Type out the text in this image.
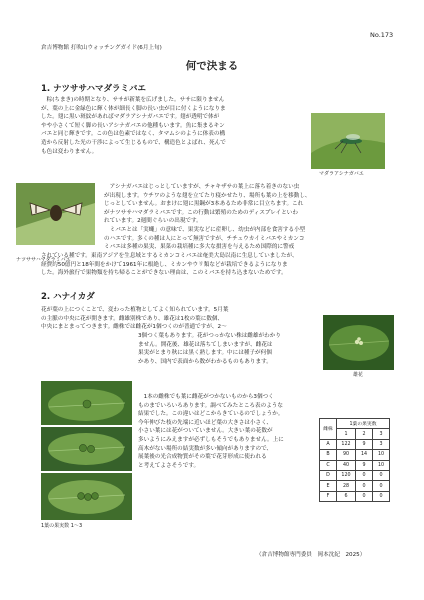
No.173
倉吉博物館 打吹山ウォッチングガイド(6月上旬)
何で決まる
1. ナツササハマダラミバエ
　粽(ちまき)の時期となり、ササが新葉を広げました。ササに限りません
が、葉の上に金緑色に輝く体が細長く脚の長い虫が目に付くようになりま
した。翅に黒い斑紋があればマダラアシナガバエです。翅が透明で体が
やや小さくて短く脚の長いアシナガバエの他種もいます。魚に集まるキン
バエと同じ輝きです。この色は色素ではなく、タマムシのように体表の構
造から反射した光の干渉によって生じるもので、構造色とよばれ、死んで
も色は変わりません。
マダラアシナガバエ
ナツササハマダラミバエ
　アシナガバエはじっとしていますが、チャキザサの葉上に落ち着きのない虫
が出現します。ウチワのような翅を立てたり寝かせたり、場所も葉の上を移動し、
じっとしていません。おまけに翅に黒鋼が3本あるため非常に目立ちます。これ
がナツササハマダラミバエです。この行動は繁殖のためのディスプレイといわ
れています。2週間ぐらいの出現です。
　ミバエとは「実蠅」の意味で、果実などに産卵し、幼虫が内部を食害する小型
のハエです。多くの種は人にとって無害ですが、チチュウカイミバエやミカンコ
ミバエは多種の果実、果菜の栽培種に多大な損害を与えるため国際的に警戒
されている種です。東南アジアを生息域とするミカンコミバエは奄美大島以南に生息していましたが、
経費約50億円と18年間をかけて1961年に根絶し、ミカンやウリ類などが栽培できるようになりま
した。海外旅行で果物類を持ち帰ることができない理由は、このミバエを持ち込まないためです。
2. ハナイカダ
花が葉の上につくことで、変わった植物としてよく知られています。5月葉
の主脈の中央に花が開きます。雌雄別株であり、雄花は1枚の葉に数個、
中央にまとまってつきます。雌株では雌花が1個つくのが普通ですが、2〜
3個つく葉もあります。花がつっかない株は雌雄がわかり
ません。開花後、雄花は落ちてしまいますが、雌花は
果実がとまり秋には黒く熟します。中には種子が何個
かあり、国内で表面から数がわかるものもあります。
雄花
1葉の果実数 1〜3
　1本の雌株でも葉に雌花がつかないものから3個つく
ものまでいろいろあります。調べてみたところ表のような
結果でした。この違いはどこからきているのでしょうか。
今年伸びた枝の先端に近いほど葉の大きさは小さく、
小さい葉には花がついていません。大きい葉の花数が
多いようにみえますが必ずしもそうでもありません。上に
高木がない場所の結実数が多い傾向がありますので、
展葉後の光合成物質がその葉で花芽形成に使われる
と考えてよさそうです。
雌株	1葉の果実数		
	1	2	3
A	122	9	3
B	90	14	10
C	40	9	10
D	120	0	0
E	28	0	0
F	6	0	0
（倉吉博物館専門委員　岡本沈紀　2025）
